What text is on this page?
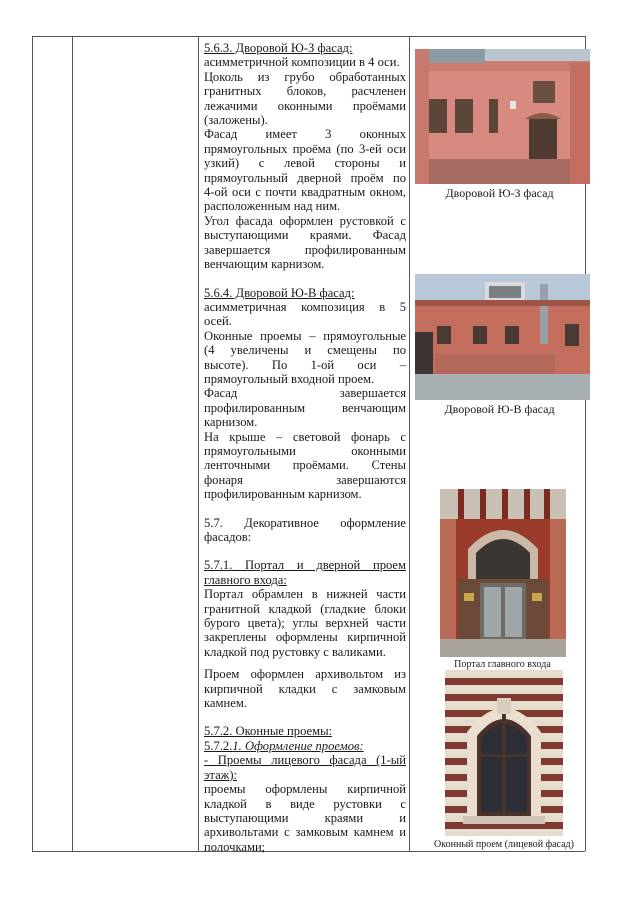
5.6.3. Дворовой Ю-З фасад:

асимметричной композиции в 4 оси.

Цоколь из грубо обработанных

гранитных блоков, расчленен

лежачими оконными проёмами

(заложены).

Фасад имеет 3 оконных

прямоугольных проёма (по 3-ей оси

узкий) с левой стороны и

прямоугольный дверной проём по

4-ой оси с почти квадратным окном,

расположенным над ним.

Угол фасада оформлен рустовкой с

выступающими краями. Фасад

завершается профилированным

венчающим карнизом.

5.6.4. Дворовой Ю-В фасад:

асимметричная композиция в 5

осей.

Оконные проемы – прямоугольные

(4 увеличены и смещены по

высоте). По 1-ой оси –

прямоугольный входной проем.

Фасад завершается

профилированным венчающим

карнизом.

На крыше – световой фонарь с

прямоугольными оконными

ленточными проёмами. Стены

фонаря завершаются

профилированным карнизом.

5.7. Декоративное оформление

фасадов:

5.7.1. Портал и дверной проем

главного входа:

Портал обрамлен в нижней части

гранитной кладкой (гладкие блоки

бурого цвета); углы верхней части

закреплены оформлены кирпичной

кладкой под рустовку с валиками.

Проем оформлен архивольтом из

кирпичной кладки с замковым

камнем.

5.7.2. Оконные проемы:

5.7.2.1. Оформление проемов:

- Проемы лицевого фасада (1-ый

этаж):

проемы оформлены кирпичной

кладкой в виде рустовки с

выступающими краями и

архивольтами с замковым камнем и

полочками;

Дворовой Ю-З фасад
Дворовой Ю-В фасад
Портал главного входа
Оконный проем (лицевой фасад)
